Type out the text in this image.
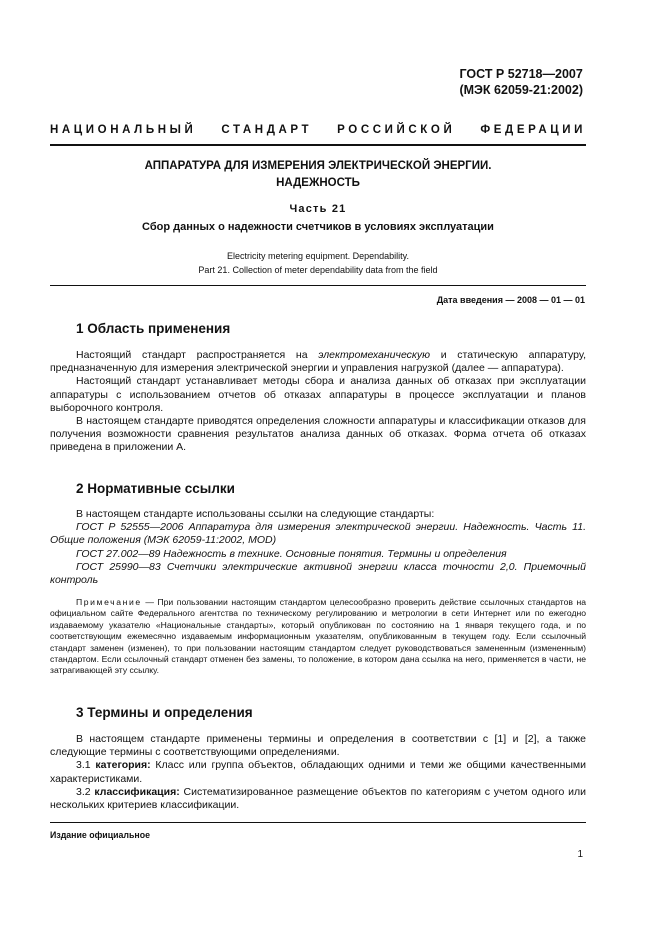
ГОСТ Р 52718—2007
(МЭК 62059-21:2002)
НАЦИОНАЛЬНЫЙ СТАНДАРТ РОССИЙСКОЙ ФЕДЕРАЦИИ
АППАРАТУРА ДЛЯ ИЗМЕРЕНИЯ ЭЛЕКТРИЧЕСКОЙ ЭНЕРГИИ.
НАДЕЖНОСТЬ
Часть 21
Сбор данных о надежности счетчиков в условиях эксплуатации
Electricity metering equipment. Dependability.
Part 21. Collection of meter dependability data from the field
Дата введения — 2008 — 01 — 01
1 Область применения

Настоящий стандарт распространяется на электромеханическую и статическую аппаратуру, предназначенную для измерения электрической энергии и управления нагрузкой (далее — аппаратура).

Настоящий стандарт устанавливает методы сбора и анализа данных об отказах при эксплуатации аппаратуры с использованием отчетов об отказах аппаратуры в процессе эксплуатации и планов выборочного контроля.

В настоящем стандарте приводятся определения сложности аппаратуры и классификации отказов для получения возможности сравнения результатов анализа данных об отказах. Форма отчета об отказах приведена в приложении А.

2 Нормативные ссылки

В настоящем стандарте использованы ссылки на следующие стандарты:

ГОСТ Р 52555—2006 Аппаратура для измерения электрической энергии. Надежность. Часть 11. Общие положения (МЭК 62059-11:2002, MOD)

ГОСТ 27.002—89 Надежность в технике. Основные понятия. Термины и определения

ГОСТ 25990—83 Счетчики электрические активной энергии класса точности 2,0. Приемочный контроль

Примечание — При пользовании настоящим стандартом целесообразно проверить действие ссылочных стандартов на официальном сайте Федерального агентства по техническому регулированию и метрологии в сети Интернет или по ежегодно издаваемому указателю «Национальные стандарты», который опубликован по состоянию на 1 января текущего года, и по соответствующим ежемесячно издаваемым информационным указателям, опубликованным в текущем году. Если ссылочный стандарт заменен (изменен), то при пользовании настоящим стандартом следует руководствоваться замененным (измененным) стандартом. Если ссылочный стандарт отменен без замены, то положение, в котором дана ссылка на него, применяется в части, не затрагивающей эту ссылку.
3 Термины и определения

В настоящем стандарте применены термины и определения в соответствии с [1] и [2], а также следующие термины с соответствующими определениями.

3.1 категория: Класс или группа объектов, обладающих одними и теми же общими качественными характеристиками.

3.2 классификация: Систематизированное размещение объектов по категориям с учетом одного или нескольких критериев классификации.

Издание официальное
1
